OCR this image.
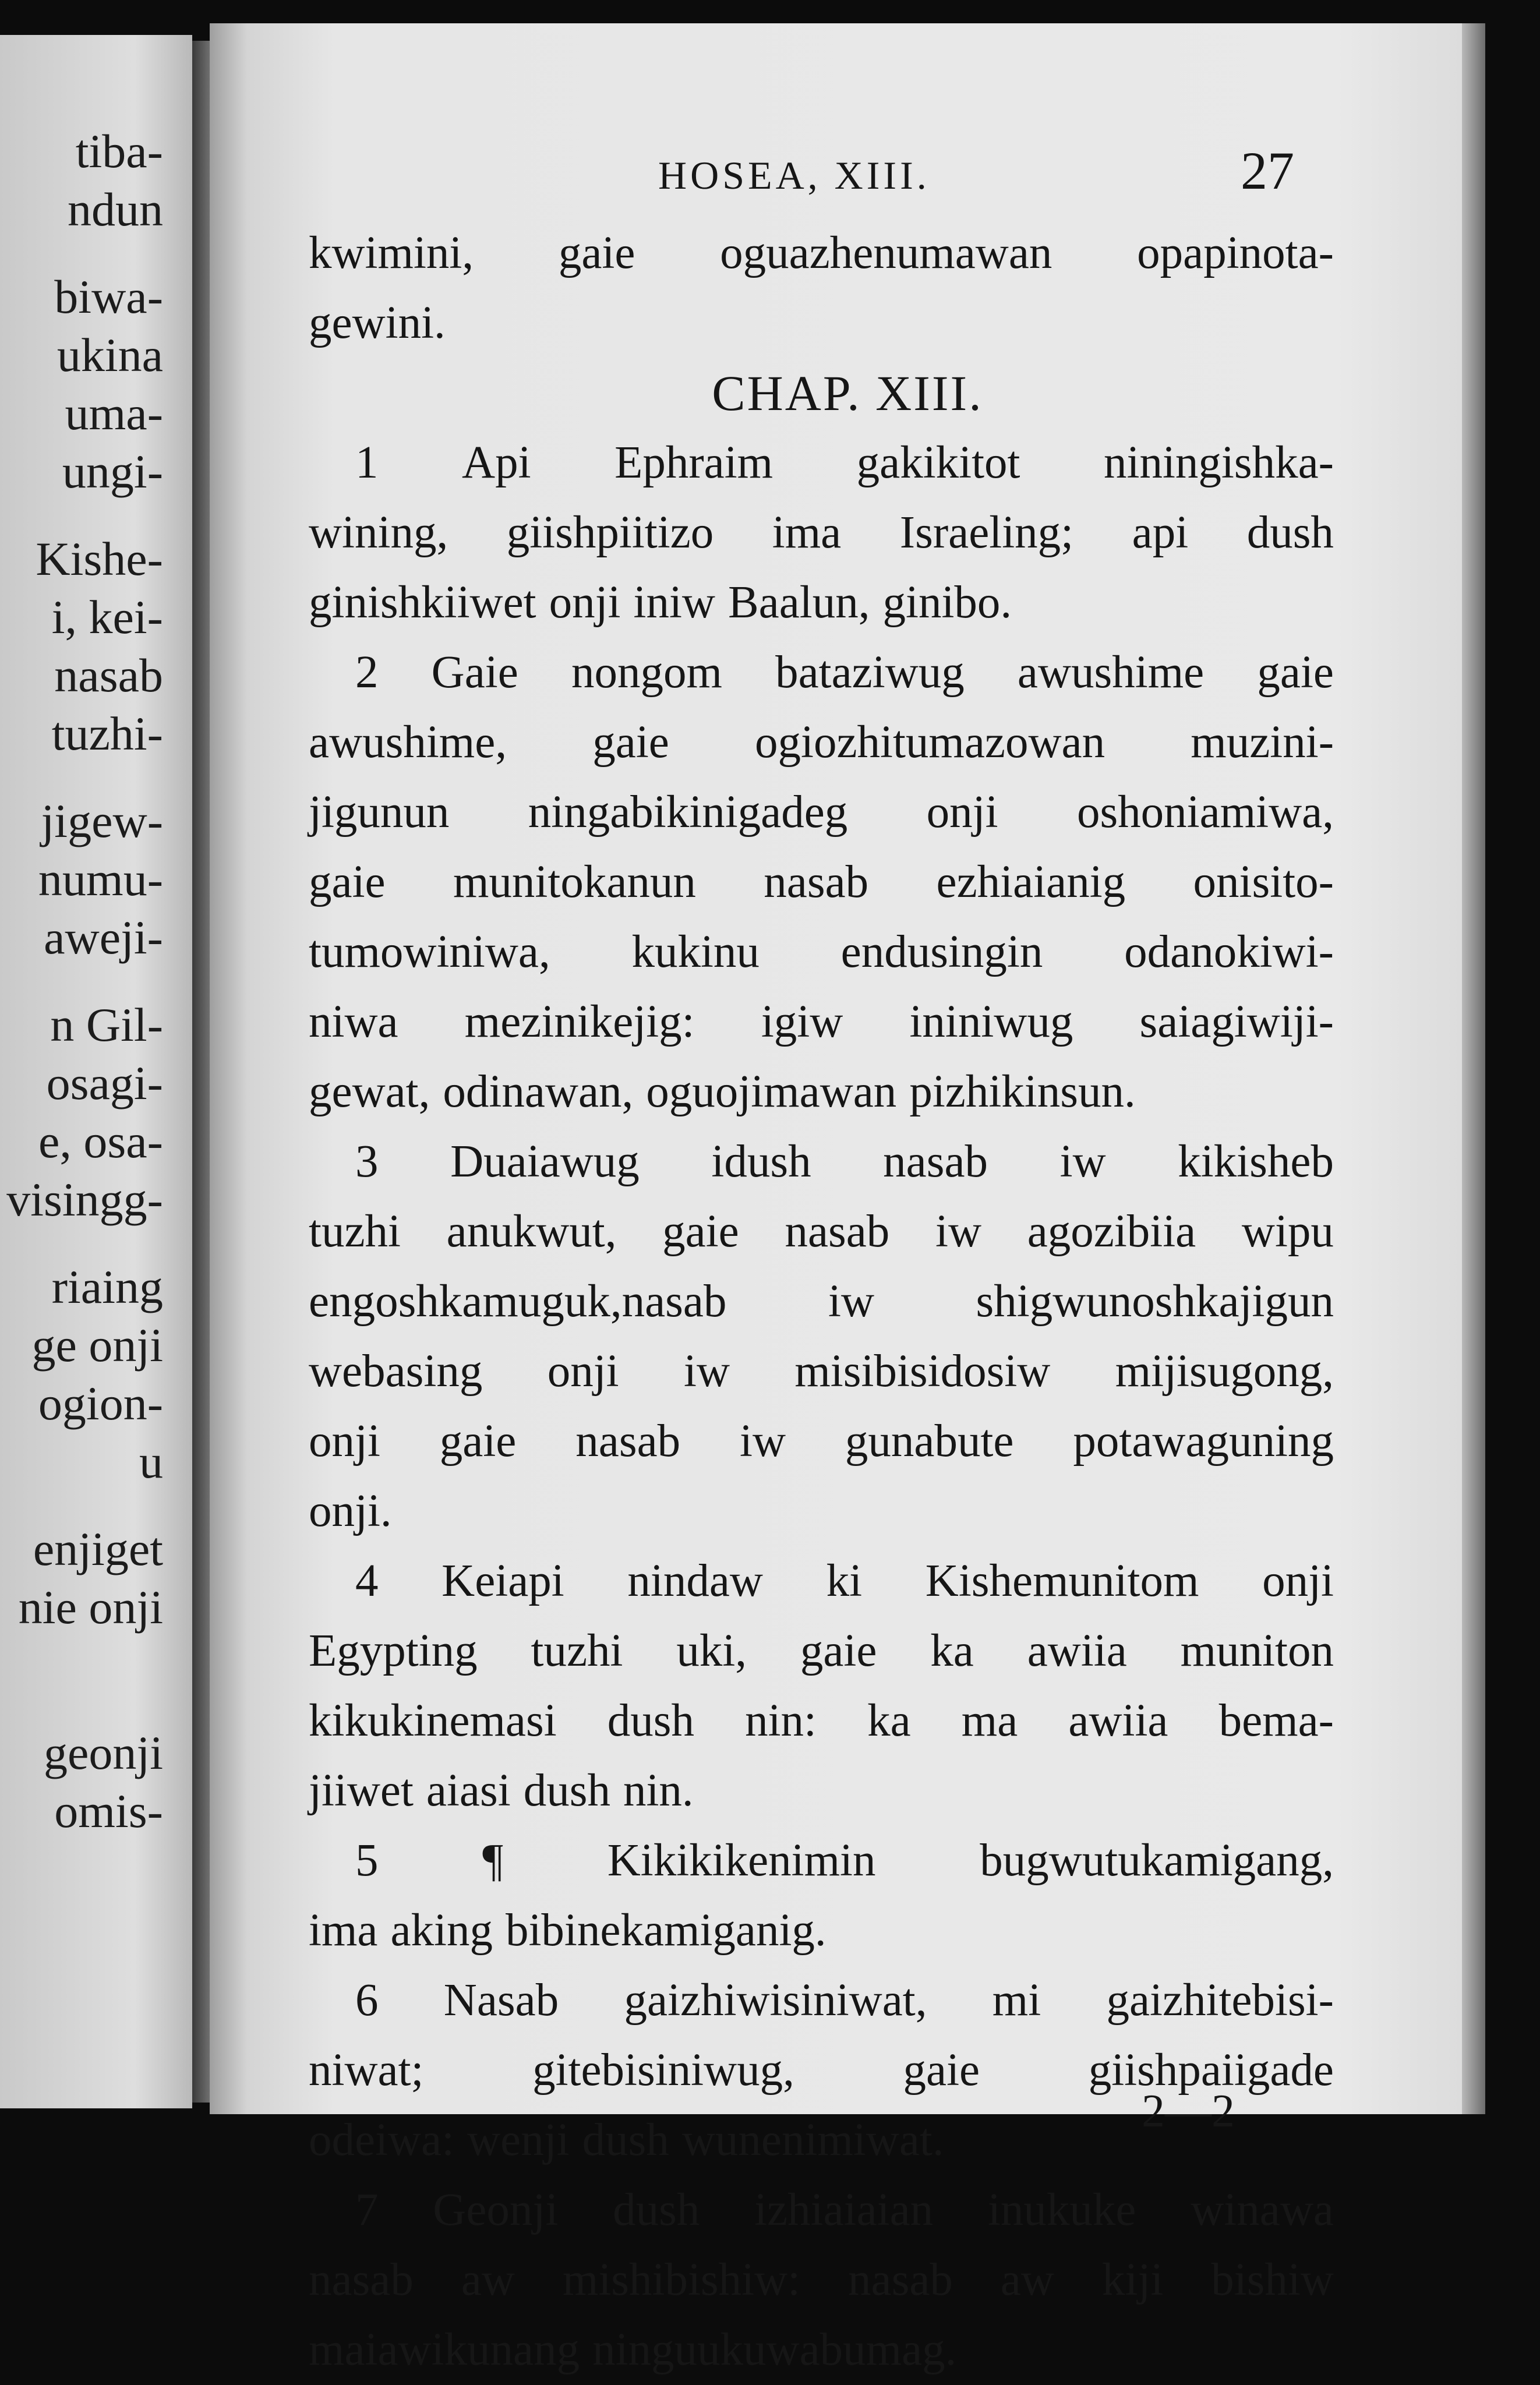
tiba-
ndun
biwa-
ukina
uma-
ungi-
Kishe-
i, kei-
nasab
tuzhi-
jigew-
numu-
aweji-
n Gil-
osagi-
e, osa-
visingg-
riaing
ge onji
ogion-
u
enjiget
nie onji
geonji
omis-
HOSEA, XIII.	27
kwimini, gaie oguazhenumawan opapinota-
gewini.
CHAP. XIII.
1 Api Ephraim gakikitot niningishka-
wining, giishpiitizo ima Israeling; api dush
ginishkiiwet onji iniw Baalun, ginibo.
2 Gaie nongom bataziwug awushime gaie
awushime, gaie ogiozhitumazowan muzini-
jigunun ningabikinigadeg onji oshoniamiwa,
gaie munitokanun nasab ezhiaianig onisito-
tumowiniwa, kukinu endusingin odanokiwi-
niwa mezinikejig: igiw ininiwug saiagiwiji-
gewat, odinawan, oguojimawan pizhikinsun.
3 Duaiawug idush nasab iw kikisheb
tuzhi anukwut, gaie nasab iw agozibiia wipu
engoshkamuguk,nasab iw shigwunoshkajigun
webasing onji iw misibisidosiw mijisugong,
onji gaie nasab iw gunabute potawaguning
onji.
4 Keiapi nindaw ki Kishemunitom onji
Egypting tuzhi uki, gaie ka awiia muniton
kikukinemasi dush nin: ka ma awiia bema-
jiiwet aiasi dush nin.
5 ¶ Kikikikenimin bugwutukamigang,
ima aking bibinekamiganig.
6 Nasab gaizhiwisiniwat, mi gaizhitebisi-
niwat; gitebisiniwug, gaie giishpaiigade
odeiwa: wenji dush wunenimiwat.
7 Geonji dush izhiaiaian inukuke winawa
nasab aw mishibishiw: nasab aw kiji bishiw
maiawikunang ninguukuwabumag.
2—2
